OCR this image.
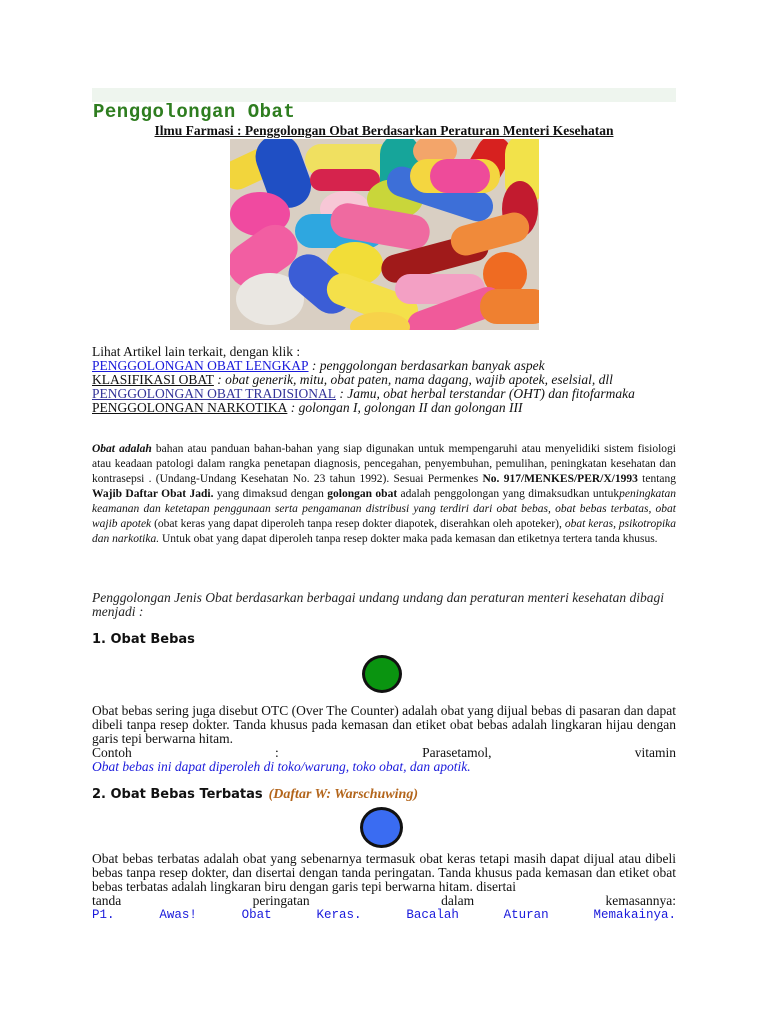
Penggolongan Obat
Ilmu Farmasi : Penggolongan Obat Berdasarkan Peraturan Menteri Kesehatan
Lihat Artikel lain terkait, dengan klik :
PENGGOLONGAN OBAT LENGKAP : penggolongan berdasarkan banyak aspek
KLASIFIKASI OBAT : obat generik, mitu, obat paten, nama dagang, wajib apotek, eselsial, dll
PENGGOLONGAN OBAT TRADISIONAL : Jamu, obat herbal terstandar (OHT) dan fitofarmaka
PENGGOLONGAN NARKOTIKA : golongan I, golongan II dan golongan III
Obat adalah bahan atau panduan bahan-bahan yang siap digunakan untuk mempengaruhi atau menyelidiki sistem fisiologi atau keadaan patologi dalam rangka penetapan diagnosis, pencegahan, penyembuhan, pemulihan, peningkatan kesehatan dan kontrasepsi . (Undang-Undang Kesehatan No. 23 tahun 1992). Sesuai Permenkes No. 917/MENKES/PER/X/1993 tentang Wajib Daftar Obat Jadi. yang dimaksud dengan golongan obat adalah penggolongan yang dimaksudkan untukpeningkatan keamanan dan ketetapan penggunaan serta pengamanan distribusi yang terdiri dari obat bebas, obat bebas terbatas, obat wajib apotek (obat keras yang dapat diperoleh tanpa resep dokter diapotek, diserahkan oleh apoteker), obat keras, psikotropika dan narkotika. Untuk obat yang dapat diperoleh tanpa resep dokter maka pada kemasan dan etiketnya tertera tanda khusus.
Penggolongan Jenis Obat berdasarkan berbagai undang undang dan peraturan menteri kesehatan dibagi menjadi :
1. Obat Bebas
Obat bebas sering juga disebut OTC (Over The Counter) adalah obat yang dijual bebas di pasaran dan dapat dibeli tanpa resep dokter. Tanda khusus pada kemasan dan etiket obat bebas adalah lingkaran hijau dengan garis tepi berwarna hitam.
Contoh	:	Parasetamol,	vitamin
Obat bebas ini dapat diperoleh di toko/warung, toko obat, dan apotik.
2. Obat Bebas Terbatas (Daftar W: Warschuwing)
Obat bebas terbatas adalah obat yang sebenarnya termasuk obat keras tetapi masih dapat dijual atau dibeli bebas tanpa resep dokter, dan disertai dengan tanda peringatan. Tanda khusus pada kemasan dan etiket obat bebas terbatas adalah lingkaran biru dengan garis tepi berwarna hitam. disertai
tanda	peringatan	dalam	kemasannya:
P1.	Awas!	Obat	Keras.	Bacalah	Aturan	Memakainya.
